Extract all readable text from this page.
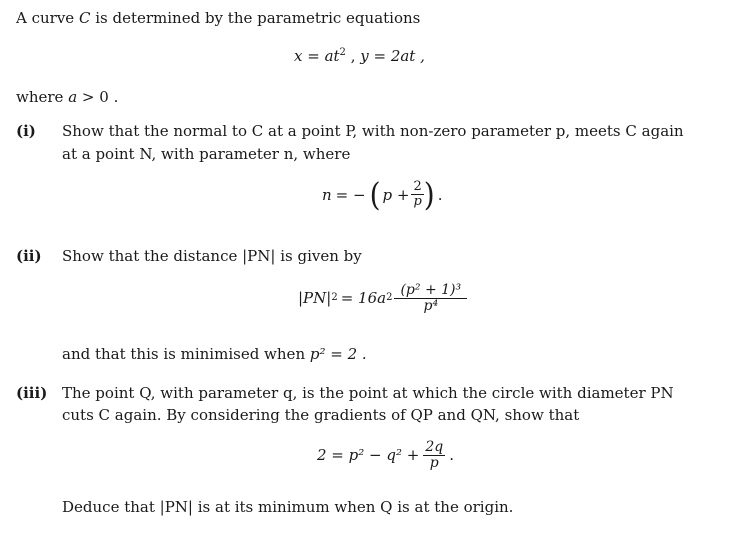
A curve C is determined by the parametric equations
$x = at^2$ , y = 2at ,
where a > 0 .
(i) Show that the normal to C at a point P, with non-zero parameter p, meets C again
at a point N, with parameter n, where
n = − ( $p + \frac{2}{p}$ ) .
(ii) Show that the distance |PN| is given by
|PN| 2 = 16a $2 \frac{\text{(p² + 1)³}}{\text{p⁴}}$
and that this is minimised when p² = 2 .
(iii) The point Q, with parameter q, is the point at which the circle with diameter PN
cuts C again. By considering the gradients of QP and QN, show that
$2 = p^2 - q^2 + \frac{2q}{p}$ .
Deduce that |PN| is at its minimum when Q is at the origin.
